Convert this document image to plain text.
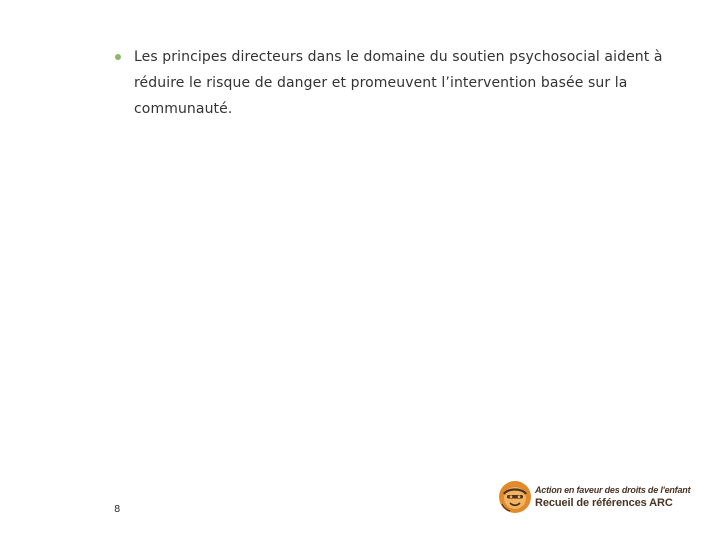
Les principes directeurs dans le domaine du soutien psychosocial aident à réduire le risque de danger et promeuvent l’intervention basée sur la communauté.
8
Action en faveur des droits de l'enfant
Recueil de références ARC
